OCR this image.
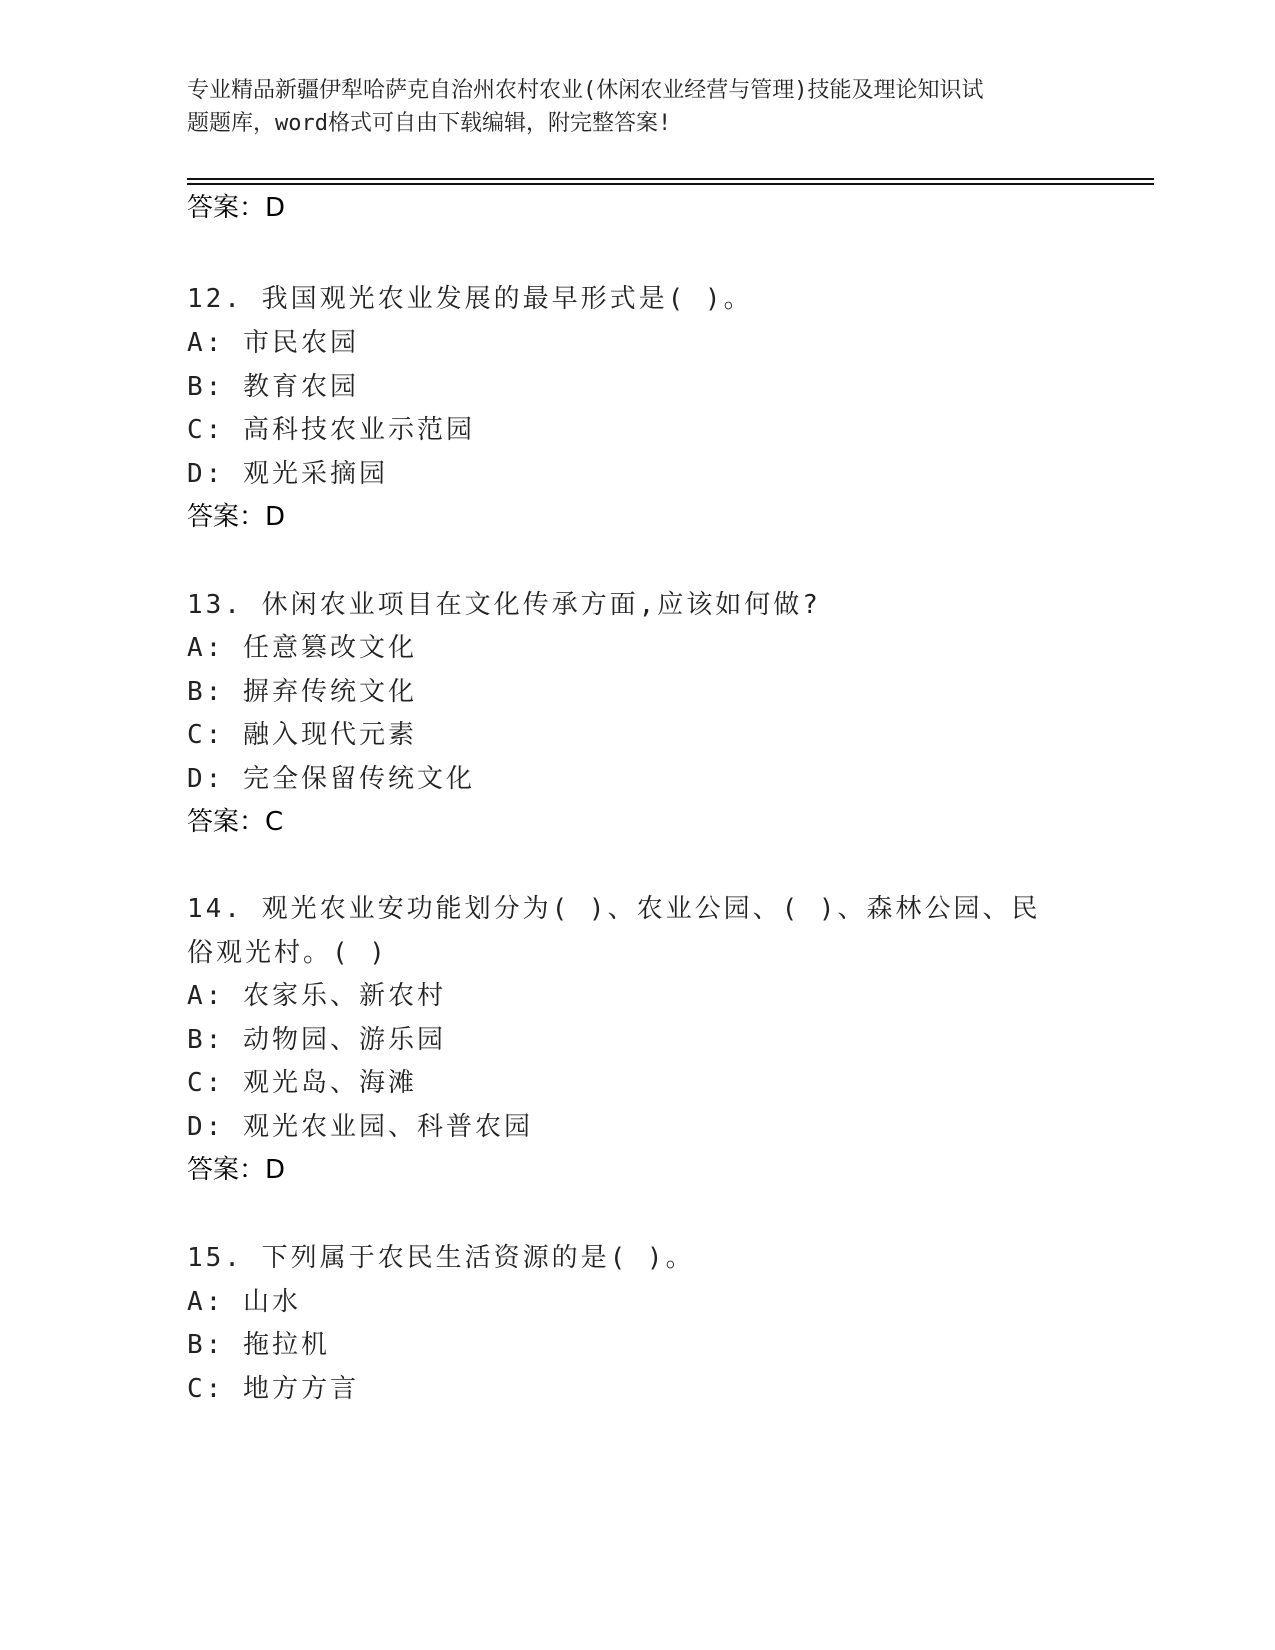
专业精品新疆伊犁哈萨克自治州农村农业(休闲农业经营与管理)技能及理论知识试
题题库，word格式可自由下载编辑，附完整答案!
答案：D
12. 我国观光农业发展的最早形式是( )。
A: 市民农园
B: 教育农园
C: 高科技农业示范园
D: 观光采摘园
答案：D
13. 休闲农业项目在文化传承方面,应该如何做?
A: 任意篡改文化
B: 摒弃传统文化
C: 融入现代元素
D: 完全保留传统文化
答案：C
14. 观光农业安功能划分为( )、农业公园、( )、森林公园、民
俗观光村。( )
A: 农家乐、新农村
B: 动物园、游乐园
C: 观光岛、海滩
D: 观光农业园、科普农园
答案：D
15. 下列属于农民生活资源的是( )。
A: 山水
B: 拖拉机
C: 地方方言
